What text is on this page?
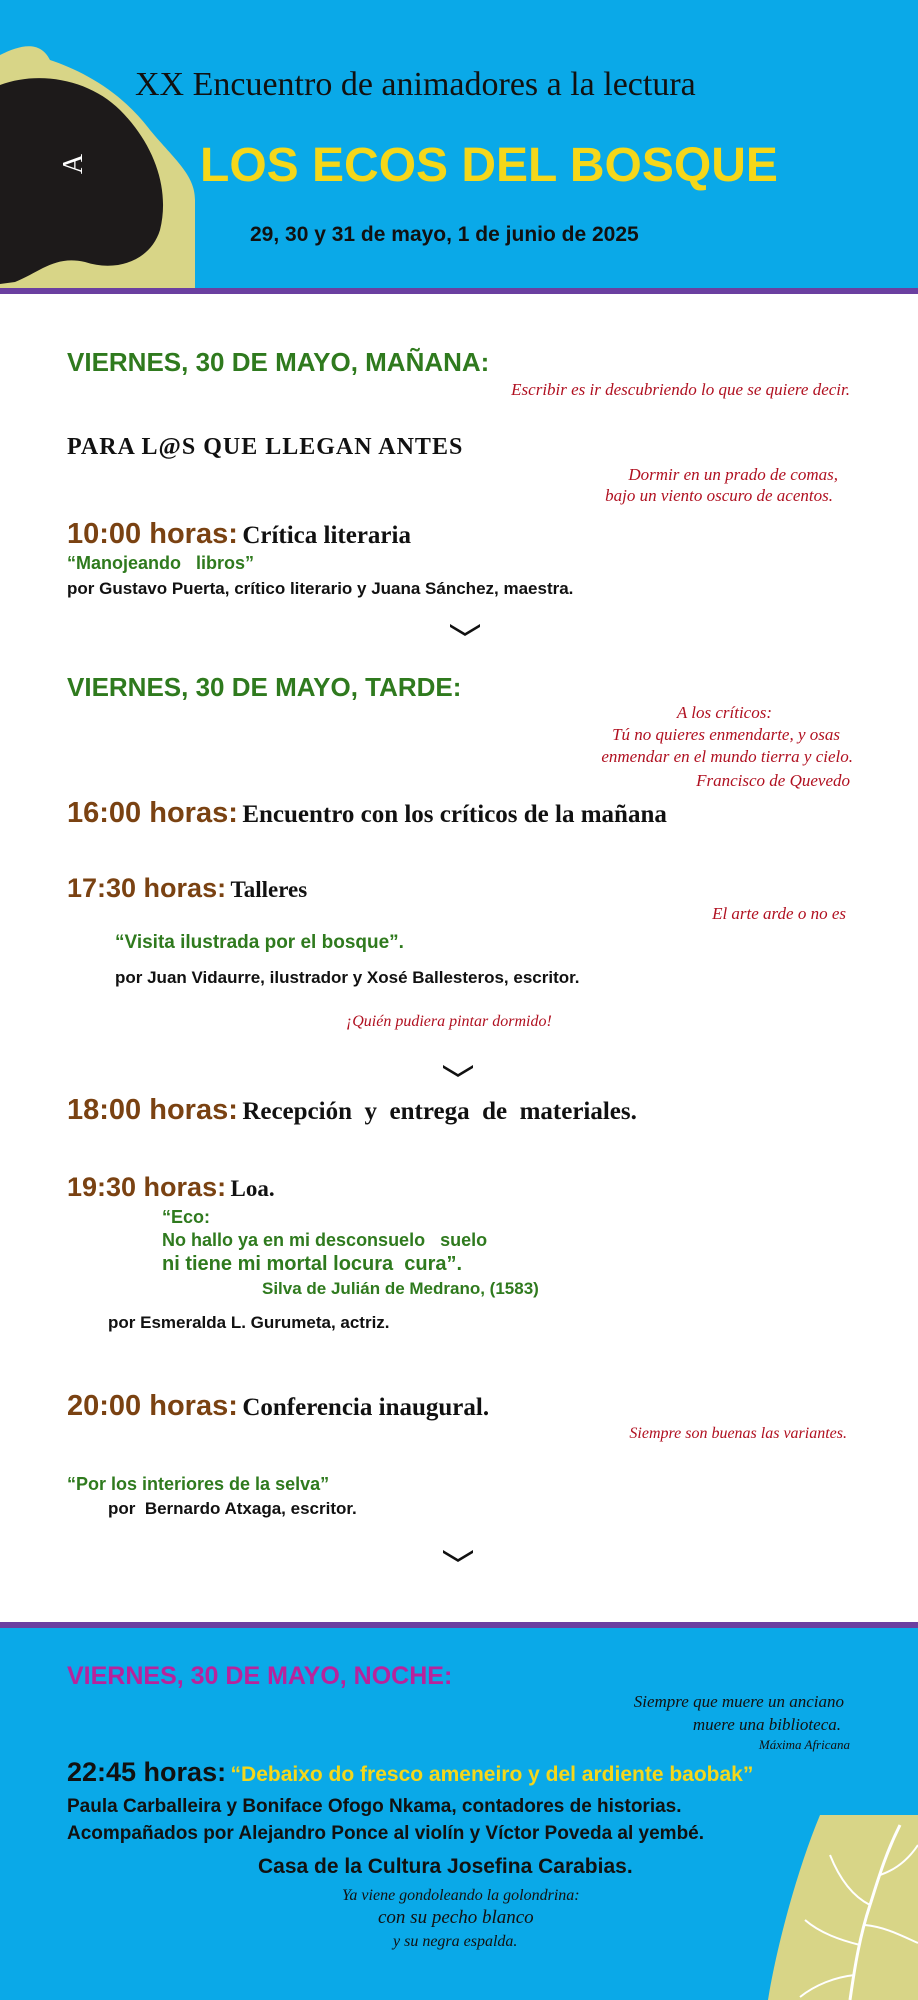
A
XX Encuentro de animadores a la lectura
LOS ECOS DEL BOSQUE
29, 30 y 31 de mayo, 1 de junio de 2025
VIERNES, 30 DE MAYO, MAÑANA:
Escribir es ir descubriendo lo que se quiere decir.
PARA L@S QUE LLEGAN ANTES
Dormir en un prado de comas,
bajo un viento oscuro de acentos.
10:00 horas: Crítica literaria
“Manojeando   libros”
por Gustavo Puerta, crítico literario y Juana Sánchez, maestra.
VIERNES, 30 DE MAYO, TARDE:
A los críticos:
Tú no quieres enmendarte, y osas
enmendar en el mundo tierra y cielo.
Francisco de Quevedo
16:00 horas: Encuentro con los críticos de la mañana
17:30 horas: Talleres
El arte arde o no es
“Visita ilustrada por el bosque”.
por Juan Vidaurre, ilustrador y Xosé Ballesteros, escritor.
¡Quién pudiera pintar dormido!
18:00 horas: Recepción  y  entrega  de  materiales.
19:30 horas: Loa.
“Eco:
No hallo ya en mi desconsuelo   suelo
ni tiene mi mortal locura  cura”.
Silva de Julián de Medrano, (1583)
por Esmeralda L. Gurumeta, actriz.
20:00 horas: Conferencia inaugural.
Siempre son buenas las variantes.
“Por los interiores de la selva”
por  Bernardo Atxaga, escritor.
VIERNES, 30 DE MAYO, NOCHE:
Siempre que muere un anciano
muere una biblioteca.
Máxima Africana
22:45 horas: “Debaixo do fresco ameneiro y del ardiente baobak”
Paula Carballeira y Boniface Ofogo Nkama, contadores de historias.
Acompañados por Alejandro Ponce al violín y Víctor Poveda al yembé.
Casa de la Cultura Josefina Carabias.
Ya viene gondoleando la golondrina:
con su pecho blanco
y su negra espalda.
